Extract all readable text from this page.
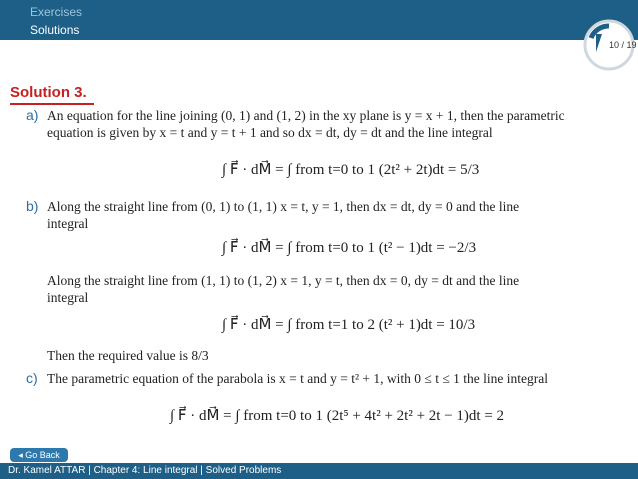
Exercises
Solutions
10 / 19
Solution 3.
a) An equation for the line joining (0, 1) and (1, 2) in the xy plane is y = x + 1, then the parametric
equation is given by x = t and y = t + 1 and so dx = dt, dy = dt and the line integral
∫ F⃗ · dM⃗ = ∫ from t=0 to 1 (2t² + 2t)dt = 5/3
b) Along the straight line from (0, 1) to (1, 1) x = t, y = 1, then dx = dt, dy = 0 and the line
integral
∫ F⃗ · dM⃗ = ∫ from t=0 to 1 (t² − 1)dt = −2/3
Along the straight line from (1, 1) to (1, 2) x = 1, y = t, then dx = 0, dy = dt and the line
integral
∫ F⃗ · dM⃗ = ∫ from t=1 to 2 (t² + 1)dt = 10/3
Then the required value is 8/3
c) The parametric equation of the parabola is x = t and y = t² + 1, with 0 ≤ t ≤ 1 the line integral
∫ F⃗ · dM⃗ = ∫ from t=0 to 1 (2t⁵ + 4t² + 2t² + 2t − 1)dt = 2
◂ Go Back
Dr. Kamel ATTAR | Chapter 4: Line integral | Solved Problems
